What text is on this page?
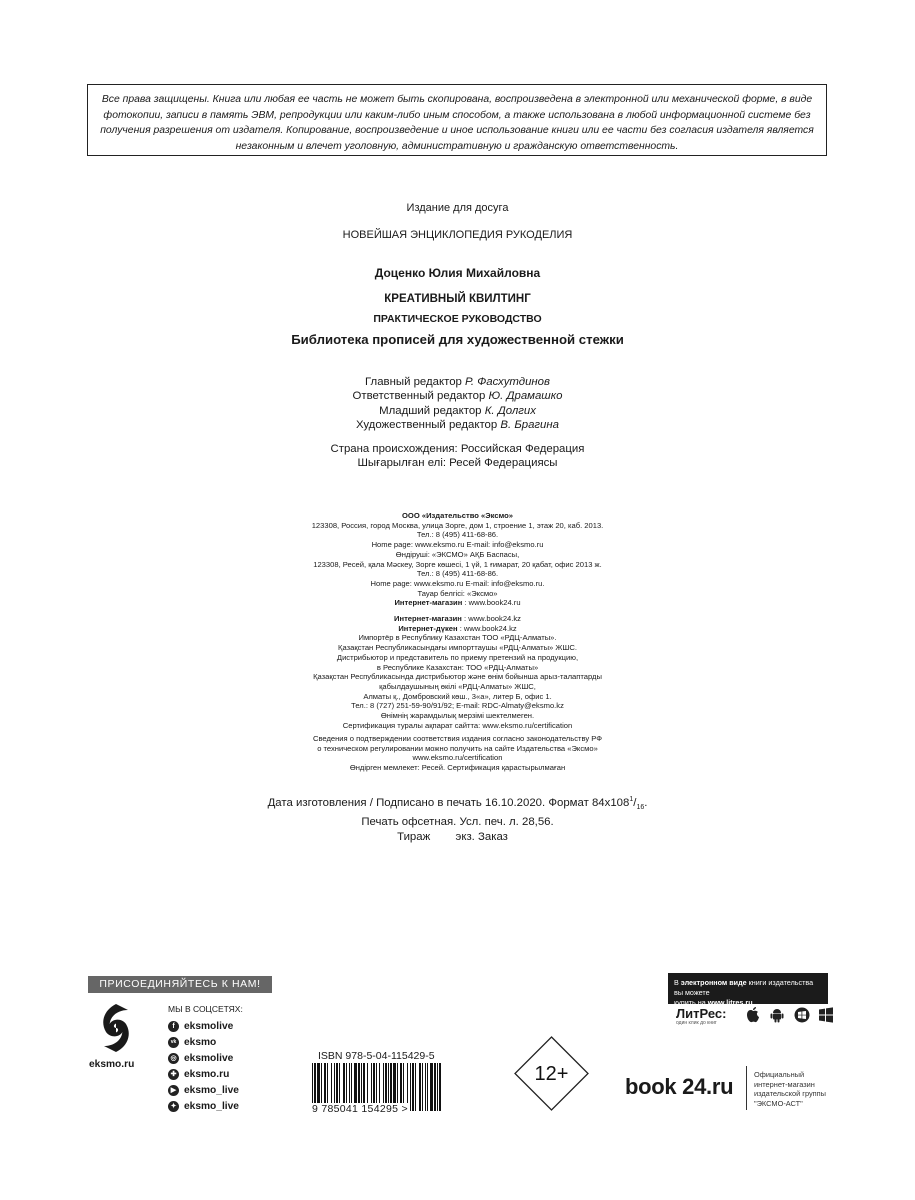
Все права защищены. Книга или любая ее часть не может быть скопирована, воспроизведена в электронной или механической форме, в виде фотокопии, записи в память ЭВМ, репродукции или каким-либо иным способом, а также использована в любой информационной системе без получения разрешения от издателя. Копирование, воспроизведение и иное использование книги или ее части без согласия издателя является незаконным и влечет уголовную, административную и гражданскую ответственность.
Издание для досуга
НОВЕЙШАЯ ЭНЦИКЛОПЕДИЯ РУКОДЕЛИЯ
Доценко Юлия Михайловна
КРЕАТИВНЫЙ КВИЛТИНГ
ПРАКТИЧЕСКОЕ РУКОВОДСТВО
Библиотека прописей для художественной стежки
Главный редактор Р. Фасхутдинов
Ответственный редактор Ю. Драмашко
Младший редактор К. Долгих
Художественный редактор В. Брагина
Страна происхождения: Российская Федерация
Шығарылған елі: Ресей Федерациясы
ООО «Издательство «Эксмо»
123308, Россия, город Москва, улица Зорге, дом 1, строение 1, этаж 20, каб. 2013.
Тел.: 8 (495) 411-68-86.
Home page: www.eksmo.ru E-mail: info@eksmo.ru
Өндіруші: «ЭКСМО» АҚБ Баспасы,
123308, Ресей, қала Мәскеу, Зорге көшесі, 1 үй, 1 ғимарат, 20 қабат, офис 2013 ж.
Тел.: 8 (495) 411-68-86.
Home page: www.eksmo.ru E-mail: info@eksmo.ru.
Тауар белгісі: «Эксмо»
Интернет-магазин : www.book24.ru
Интернет-магазин : www.book24.kz
Интернет-дүкен : www.book24.kz
Импортёр в Республику Казахстан ТОО «РДЦ-Алматы».
Қазақстан Республикасындағы импорттаушы «РДЦ-Алматы» ЖШС.
Дистрибьютор и представитель по приему претензий на продукцию,
в Республике Казахстан: ТОО «РДЦ-Алматы»
Қазақстан Республикасында дистрибьютор және өнім бойынша арыз-талаптарды
қабылдаушының өкілі «РДЦ-Алматы» ЖШС,
Алматы қ., Домбровский көш., 3«а», литер Б, офис 1.
Тел.: 8 (727) 251-59-90/91/92; E-mail: RDC-Almaty@eksmo.kz
Өнімнің жарамдылық мерзімі шектелмеген.
Сертификация туралы ақпарат сайтта: www.eksmo.ru/certification
Сведения о подтверждении соответствия издания согласно законодательству РФ
о техническом регулировании можно получить на сайте Издательства «Эксмо»
www.eksmo.ru/certification
Өндірген мемлекет: Ресей. Сертификация қарастырылмаған
Дата изготовления / Подписано в печать 16.10.2020. Формат $84х108^1/_{16}$.
Печать офсетная. Усл. печ. л. 28,56.
Тираж        экз. Заказ
ПРИСОЕДИНЯЙТЕСЬ К НАМ!
eksmo.ru
МЫ В СОЦСЕТЯХ:
f eksmolive
vk eksmo
◎ eksmolive
✚ eksmo.ru
▶ eksmo_live
✦ eksmo_live
ISBN 978-5-04-115429-5
9 785041 154295 >
12+
В электронном виде книги издательства вы можете
купить на www.litres.ru
ЛитРес:
один клик до книг

book 24.ru	Официальный
интернет-магазин
издательской группы
"ЭКСМО-АСТ"
